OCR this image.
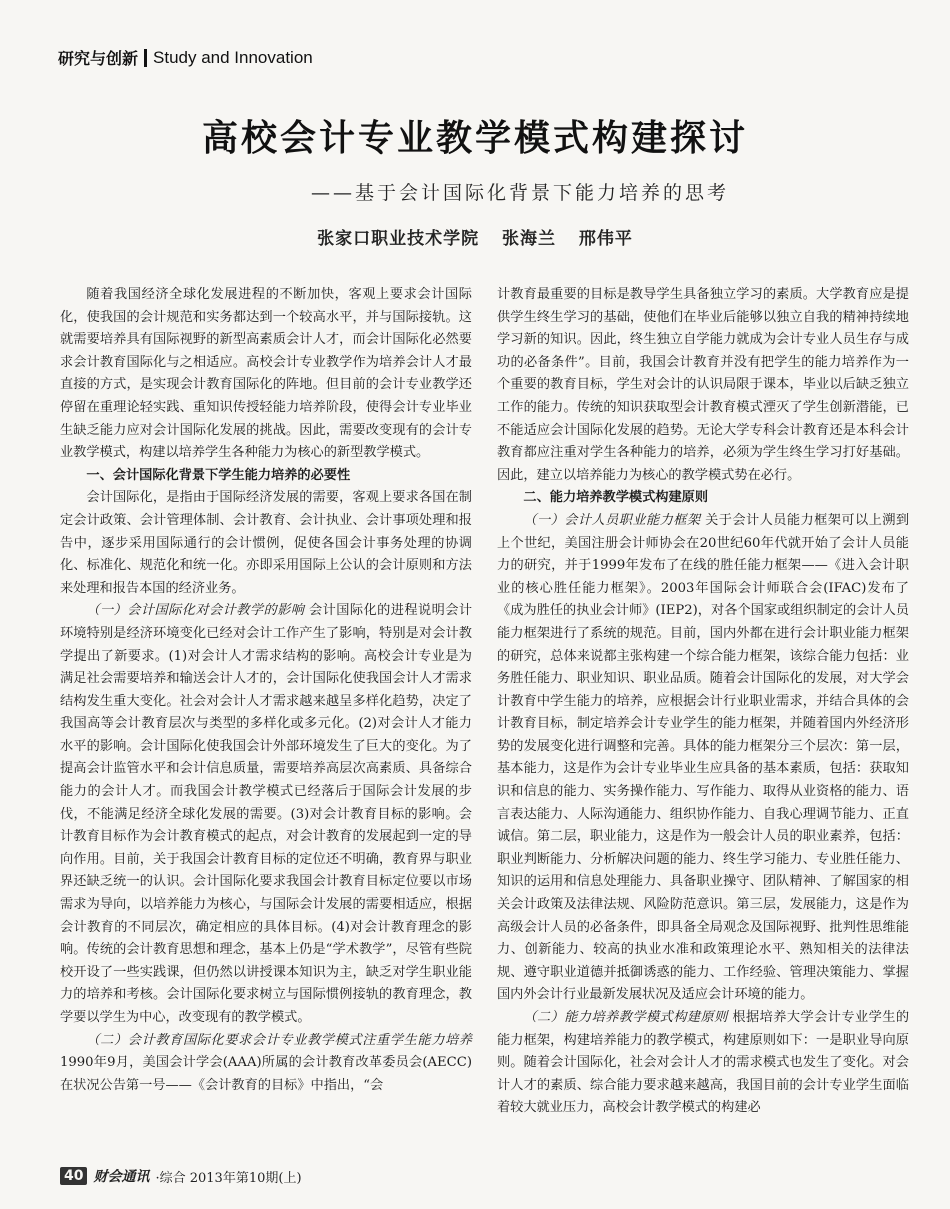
研究与创新 Study and Innovation
高校会计专业教学模式构建探讨
——基于会计国际化背景下能力培养的思考
张家口职业技术学院 张海兰 邢伟平

随着我国经济全球化发展进程的不断加快，客观上要求会计国际化，使我国的会计规范和实务都达到一个较高水平，并与国际接轨。这就需要培养具有国际视野的新型高素质会计人才，而会计国际化必然要求会计教育国际化与之相适应。高校会计专业教学作为培养会计人才最直接的方式，是实现会计教育国际化的阵地。但目前的会计专业教学还停留在重理论轻实践、重知识传授轻能力培养阶段，使得会计专业毕业生缺乏能力应对会计国际化发展的挑战。因此，需要改变现有的会计专业教学模式，构建以培养学生各种能力为核心的新型教学模式。

一、会计国际化背景下学生能力培养的必要性

会计国际化，是指由于国际经济发展的需要，客观上要求各国在制定会计政策、会计管理体制、会计教育、会计执业、会计事项处理和报告中，逐步采用国际通行的会计惯例，促使各国会计事务处理的协调化、标准化、规范化和统一化。亦即采用国际上公认的会计原则和方法来处理和报告本国的经济业务。

（一）会计国际化对会计教学的影响 会计国际化的进程说明会计环境特别是经济环境变化已经对会计工作产生了影响，特别是对会计教学提出了新要求。(1)对会计人才需求结构的影响。高校会计专业是为满足社会需要培养和输送会计人才的，会计国际化使我国会计人才需求结构发生重大变化。社会对会计人才需求越来越呈多样化趋势，决定了我国高等会计教育层次与类型的多样化或多元化。(2)对会计人才能力水平的影响。会计国际化使我国会计外部环境发生了巨大的变化。为了提高会计监管水平和会计信息质量，需要培养高层次高素质、具备综合能力的会计人才。而我国会计教学模式已经落后于国际会计发展的步伐，不能满足经济全球化发展的需要。(3)对会计教育目标的影响。会计教育目标作为会计教育模式的起点，对会计教育的发展起到一定的导向作用。目前，关于我国会计教育目标的定位还不明确，教育界与职业界还缺乏统一的认识。会计国际化要求我国会计教育目标定位要以市场需求为导向，以培养能力为核心，与国际会计发展的需要相适应，根据会计教育的不同层次，确定相应的具体目标。(4)对会计教育理念的影响。传统的会计教育思想和理念，基本上仍是“学术教学”，尽管有些院校开设了一些实践课，但仍然以讲授课本知识为主，缺乏对学生职业能力的培养和考核。会计国际化要求树立与国际惯例接轨的教育理念，教学要以学生为中心，改变现有的教学模式。

（二）会计教育国际化要求会计专业教学模式注重学生能力培养 1990年9月，美国会计学会(AAA)所属的会计教育改革委员会(AECC)在状况公告第一号——《会计教育的目标》中指出，“会

计教育最重要的目标是教导学生具备独立学习的素质。大学教育应是提供学生终生学习的基础，使他们在毕业后能够以独立自我的精神持续地学习新的知识。因此，终生独立自学能力就成为会计专业人员生存与成功的必备条件”。目前，我国会计教育并没有把学生的能力培养作为一个重要的教育目标，学生对会计的认识局限于课本，毕业以后缺乏独立工作的能力。传统的知识获取型会计教育模式湮灭了学生创新潜能，已不能适应会计国际化发展的趋势。无论大学专科会计教育还是本科会计教育都应注重对学生各种能力的培养，必须为学生终生学习打好基础。因此，建立以培养能力为核心的教学模式势在必行。

二、能力培养教学模式构建原则

（一）会计人员职业能力框架 关于会计人员能力框架可以上溯到上个世纪，美国注册会计师协会在20世纪60年代就开始了会计人员能力的研究，并于1999年发布了在线的胜任能力框架——《进入会计职业的核心胜任能力框架》。2003年国际会计师联合会(IFAC)发布了《成为胜任的执业会计师》(IEP2)，对各个国家或组织制定的会计人员能力框架进行了系统的规范。目前，国内外都在进行会计职业能力框架的研究，总体来说都主张构建一个综合能力框架，该综合能力包括：业务胜任能力、职业知识、职业品质。随着会计国际化的发展，对大学会计教育中学生能力的培养，应根据会计行业职业需求，并结合具体的会计教育目标，制定培养会计专业学生的能力框架，并随着国内外经济形势的发展变化进行调整和完善。具体的能力框架分三个层次：第一层，基本能力，这是作为会计专业毕业生应具备的基本素质，包括：获取知识和信息的能力、实务操作能力、写作能力、取得从业资格的能力、语言表达能力、人际沟通能力、组织协作能力、自我心理调节能力、正直诚信。第二层，职业能力，这是作为一般会计人员的职业素养，包括：职业判断能力、分析解决问题的能力、终生学习能力、专业胜任能力、知识的运用和信息处理能力、具备职业操守、团队精神、了解国家的相关会计政策及法律法规、风险防范意识。第三层，发展能力，这是作为高级会计人员的必备条件，即具备全局观念及国际视野、批判性思维能力、创新能力、较高的执业水准和政策理论水平、熟知相关的法律法规、遵守职业道德并抵御诱惑的能力、工作经验、管理决策能力、掌握国内外会计行业最新发展状况及适应会计环境的能力。

（二）能力培养教学模式构建原则 根据培养大学会计专业学生的能力框架，构建培养能力的教学模式，构建原则如下：一是职业导向原则。随着会计国际化，社会对会计人才的需求模式也发生了变化。对会计人才的素质、综合能力要求越来越高，我国目前的会计专业学生面临着较大就业压力，高校会计教学模式的构建必

40 财会通讯 ·综合 2013年第10期(上)
